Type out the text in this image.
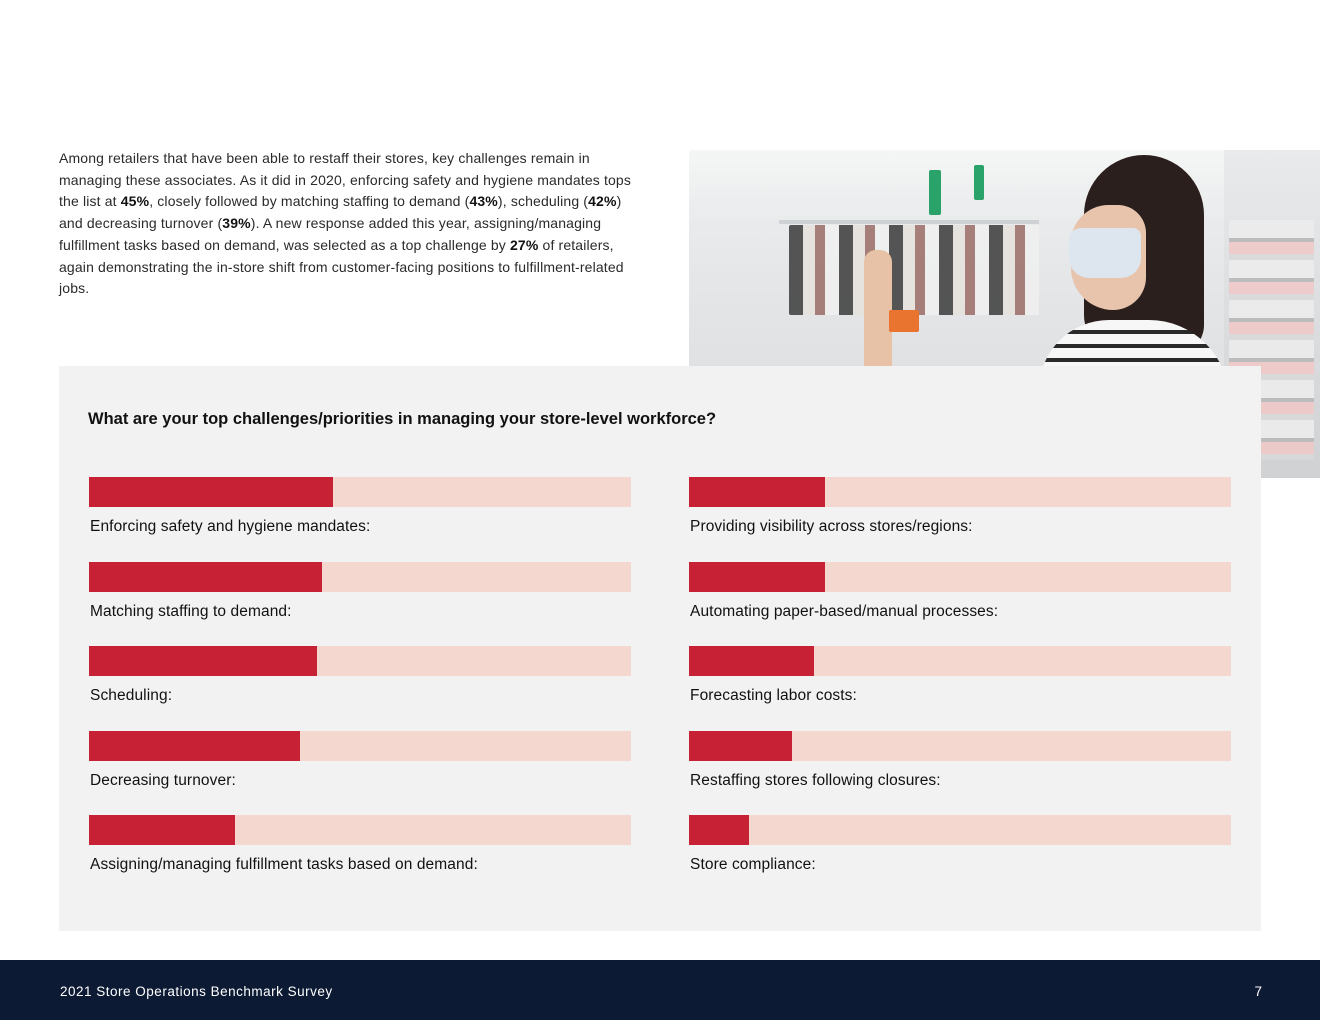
Among retailers that have been able to restaff their stores, key challenges remain in managing these associates. As it did in 2020, enforcing safety and hygiene mandates tops the list at 45%, closely followed by matching staffing to demand (43%), scheduling (42%) and decreasing turnover (39%). A new response added this year, assigning/managing fulfillment tasks based on demand, was selected as a top challenge by 27% of retailers, again demonstrating the in-store shift from customer-facing positions to fulfillment-related jobs.

What are your top challenges/priorities in managing your store-level workforce?
Enforcing safety and hygiene mandates:
Matching staffing to demand:
Scheduling:
Decreasing turnover:
Assigning/managing fulfillment tasks based on demand:
Providing visibility across stores/regions:
Automating paper-based/manual processes:
Forecasting labor costs:
Restaffing stores following closures:
Store compliance:
2021 Store Operations Benchmark Survey	7
